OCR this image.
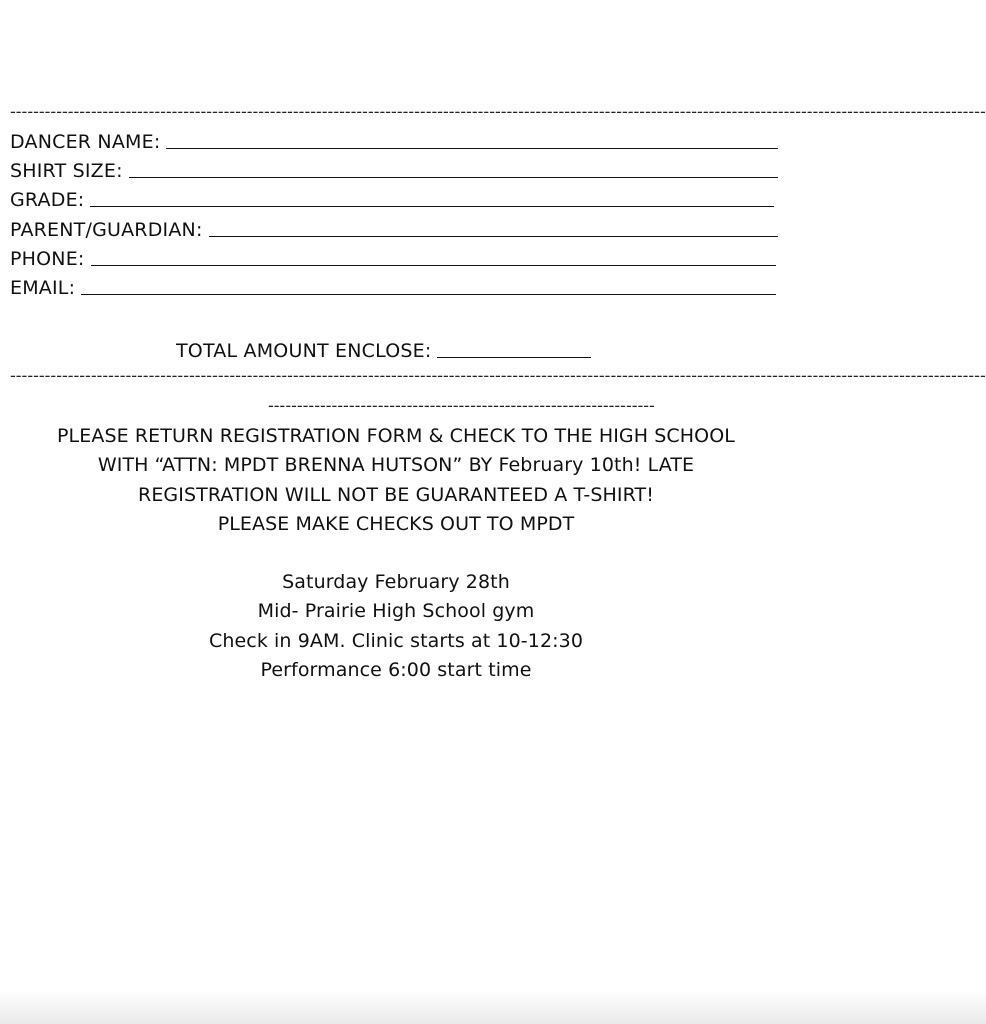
-------------------------------------------------------------------------------------------------------------------------------------------------------------------------
DANCER NAME:
SHIRT SIZE:
GRADE:
PARENT/GUARDIAN:
PHONE:
EMAIL:
TOTAL AMOUNT ENCLOSE:
-------------------------------------------------------------------------------------------------------------------------------------------------------------------------
-------------------------------------------------------------------
PLEASE RETURN REGISTRATION FORM & CHECK TO THE HIGH SCHOOL
WITH “ATTN: MPDT BRENNA HUTSON” BY February 10th! LATE
REGISTRATION WILL NOT BE GUARANTEED A T-SHIRT!
PLEASE MAKE CHECKS OUT TO MPDT
Saturday February 28th
Mid- Prairie High School gym
Check in 9AM. Clinic starts at 10-12:30
Performance 6:00 start time
